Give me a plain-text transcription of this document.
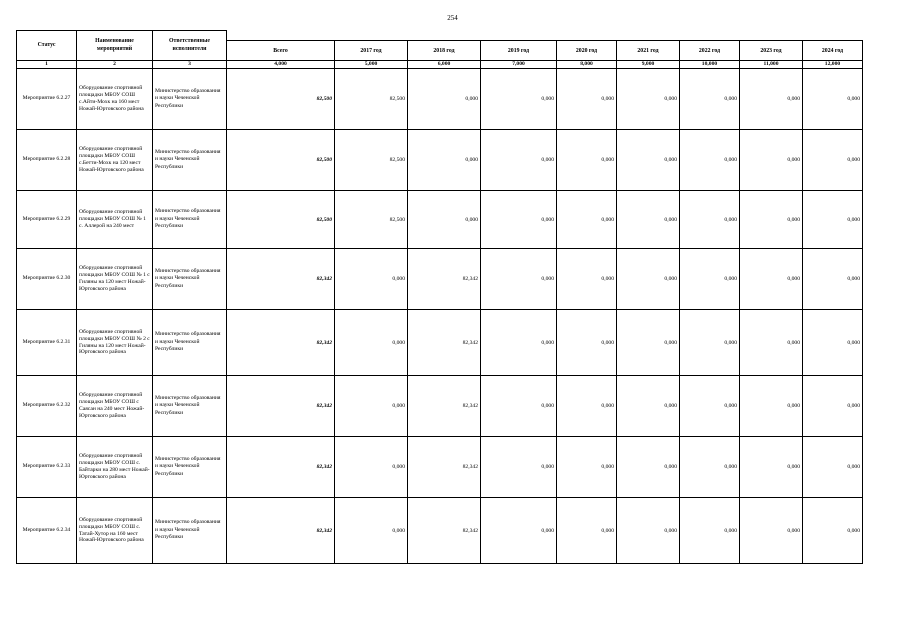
254
Статус	Наименование мероприятий	Ответственные исполнители									
			Всего	2017 год	2018 год	2019 год	2020 год	2021 год	2022 год	2023 год	2024 год
1	2	3	4,000	5,000	6,000	7,000	8,000	9,000	10,000	11,000	12,000
Мероприятие 6.2.27	Оборудование спортивной площадки МБОУ СОШ с.Айти-Мохк на 160 мест Ножай-Юртовского района	Министерство образования и науки Чеченской Республики	82,500	82,500	0,000	0,000	0,000	0,000	0,000	0,000	0,000
Мероприятие 6.2.28	Оборудование спортивной площадки МБОУ СОШ с.Бетти-Мохк на 120 мест Ножай-Юртовского района	Министерство образования и науки Чеченской Республики	82,500	82,500	0,000	0,000	0,000	0,000	0,000	0,000	0,000
Мероприятие 6.2.29	Оборудование спортивной площадки МБОУ СОШ № 1 с. Аллерой на 240 мест	Министерство образования и науки Чеченской Республики	82,500	82,500	0,000	0,000	0,000	0,000	0,000	0,000	0,000
Мероприятие 6.2.30	Оборудование спортивной площадки МБОУ СОШ № 1 с Гиляны на 120 мест Ножай-Юртовского района	Министерство образования и науки Чеченской Республики	82,342	0,000	82,342	0,000	0,000	0,000	0,000	0,000	0,000
Мероприятие 6.2.31	Оборудование спортивной площадки МБОУ СОШ № 2 с Гиляны на 120 мест Ножай-Юртовского района	Министерство образования и науки Чеченской Республики	82,342	0,000	82,342	0,000	0,000	0,000	0,000	0,000	0,000
Мероприятие 6.2.32	Оборудование спортивной площадки МБОУ СОШ с Саясан на 240 мест Ножай-Юртовского района	Министерство образования и науки Чеченской Республики	82,342	0,000	82,342	0,000	0,000	0,000	0,000	0,000	0,000
Мероприятие 6.2.33	Оборудование спортивной площадки МБОУ СОШ с. Байтарки на 280 мест Ножай-Юртовского района	Министерство образования и науки Чеченской Республики	82,342	0,000	82,342	0,000	0,000	0,000	0,000	0,000	0,000
Мероприятие 6.2.34	Оборудование спортивной площадки МБОУ СОШ с. Татай-Хутор на 160 мест Ножай-Юртовского района	Министерство образования и науки Чеченской Республики	82,342	0,000	82,342	0,000	0,000	0,000	0,000	0,000	0,000
